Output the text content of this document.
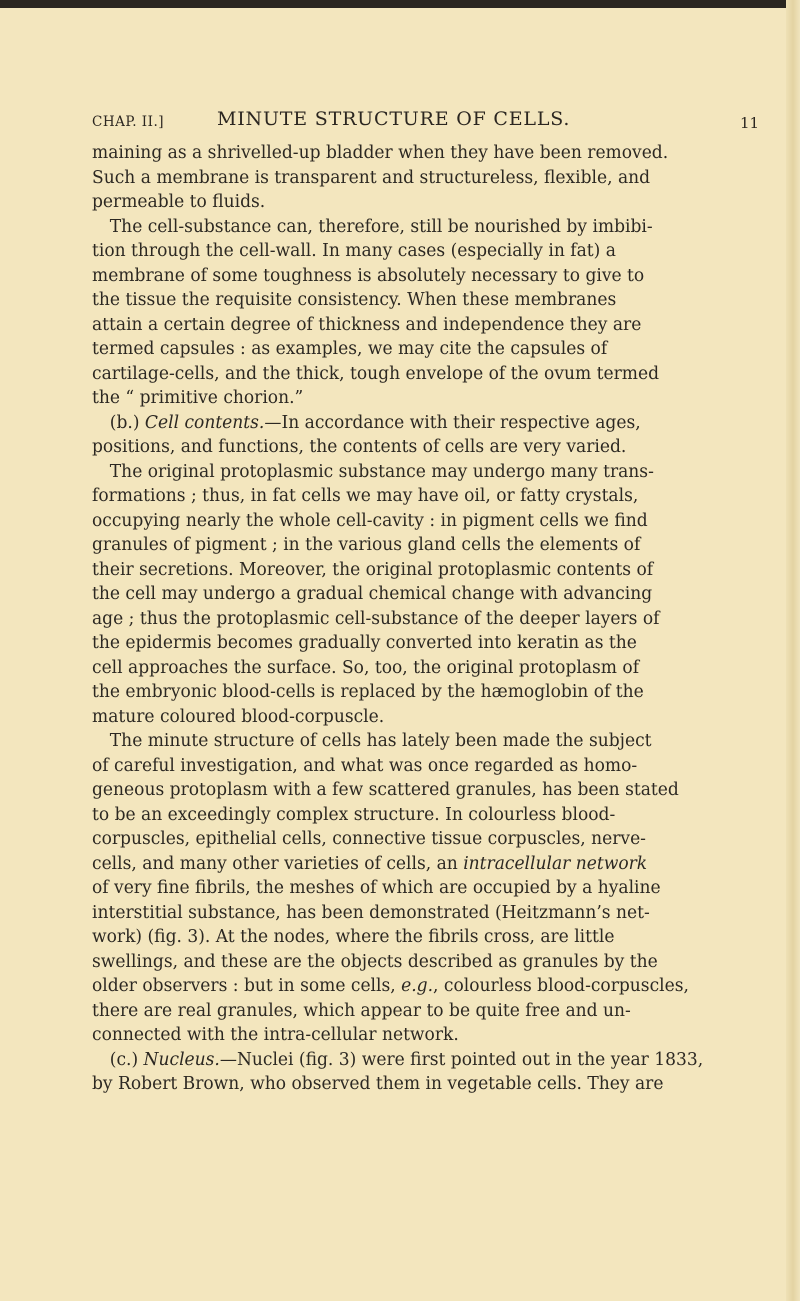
CHAP. II.]	MINUTE STRUCTURE OF CELLS.	11
maining as a shrivelled-up bladder when they have been removed.
Such a membrane is transparent and structureless, flexible, and
permeable to fluids.
The cell-substance can, therefore, still be nourished by imbibi-
tion through the cell-wall. In many cases (especially in fat) a
membrane of some toughness is absolutely necessary to give to
the tissue the requisite consistency. When these membranes
attain a certain degree of thickness and independence they are
termed capsules : as examples, we may cite the capsules of
cartilage-cells, and the thick, tough envelope of the ovum termed
the “ primitive chorion.”
(b.) Cell contents.—In accordance with their respective ages,
positions, and functions, the contents of cells are very varied.
The original protoplasmic substance may undergo many trans-
formations ; thus, in fat cells we may have oil, or fatty crystals,
occupying nearly the whole cell-cavity : in pigment cells we find
granules of pigment ; in the various gland cells the elements of
their secretions. Moreover, the original protoplasmic contents of
the cell may undergo a gradual chemical change with advancing
age ; thus the protoplasmic cell-substance of the deeper layers of
the epidermis becomes gradually converted into keratin as the
cell approaches the surface. So, too, the original protoplasm of
the embryonic blood-cells is replaced by the hæmoglobin of the
mature coloured blood-corpuscle.
The minute structure of cells has lately been made the subject
of careful investigation, and what was once regarded as homo-
geneous protoplasm with a few scattered granules, has been stated
to be an exceedingly complex structure. In colourless blood-
corpuscles, epithelial cells, connective tissue corpuscles, nerve-
cells, and many other varieties of cells, an intracellular network
of very fine fibrils, the meshes of which are occupied by a hyaline
interstitial substance, has been demonstrated (Heitzmann’s net-
work) (fig. 3). At the nodes, where the fibrils cross, are little
swellings, and these are the objects described as granules by the
older observers : but in some cells, e.g., colourless blood-corpuscles,
there are real granules, which appear to be quite free and un-
connected with the intra-cellular network.
(c.) Nucleus.—Nuclei (fig. 3) were first pointed out in the year 1833,
by Robert Brown, who observed them in vegetable cells. They are
